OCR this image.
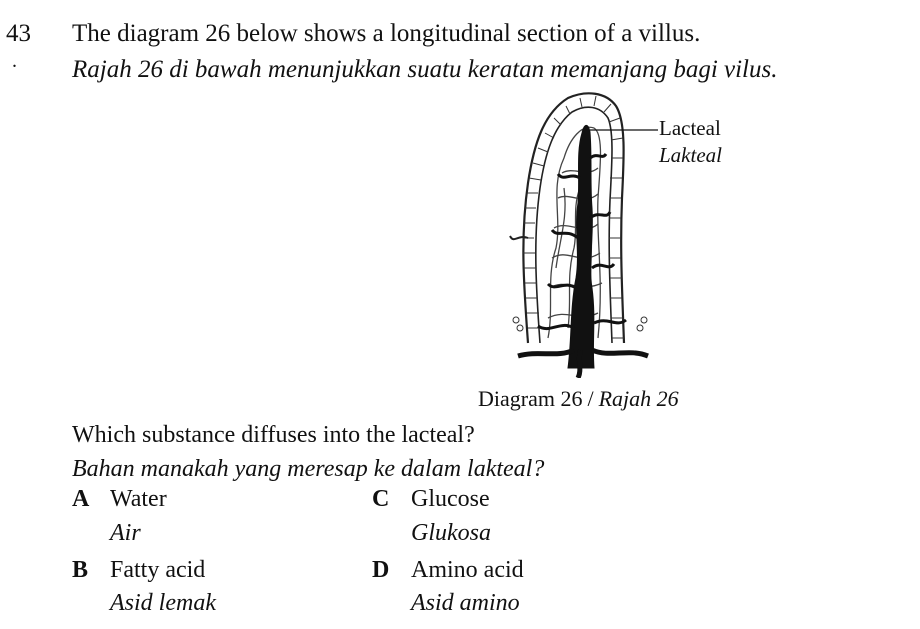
43 The diagram 26 below shows a longitudinal section of a villus.
. Rajah 26 di bawah menunjukkan suatu keratan memanjang bagi vilus.
Lacteal
Lakteal
Diagram 26 / Rajah 26
Which substance diffuses into the lacteal?
Bahan manakah yang meresap ke dalam lakteal?
A Water
Air
B Fatty acid
Asid lemak
C Glucose
Glukosa
D Amino acid
Asid amino
